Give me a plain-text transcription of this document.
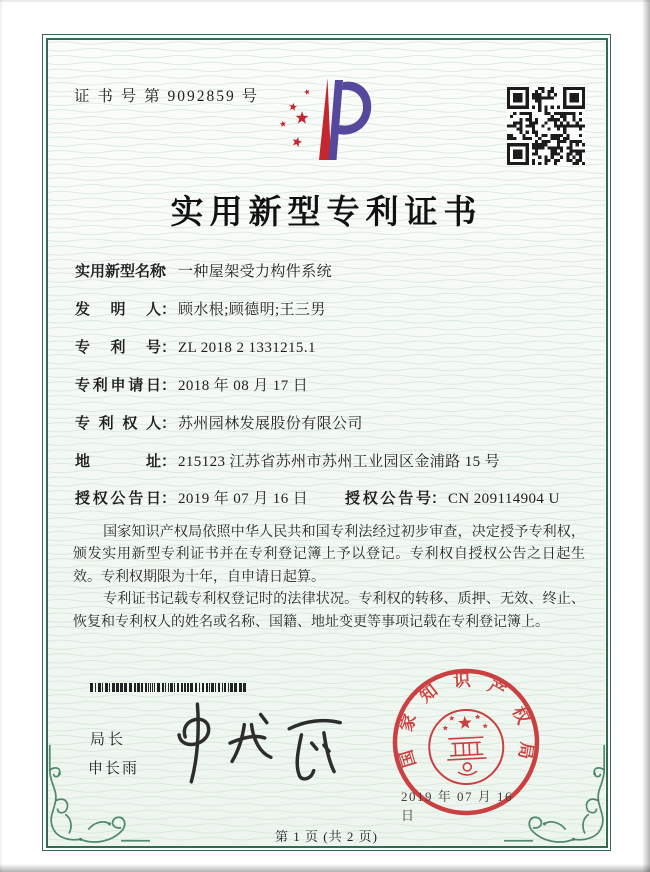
证 书 号 第 9092859 号
实用新型专利证书
实用新型名称： 一种屋架受力构件系统
发明人： 顾水根;顾德明;王三男
专利号： ZL 2018 2 1331215.1
专利申请日： 2018 年 08 月 17 日
专利权人： 苏州园林发展股份有限公司
地址： 215123 江苏省苏州市苏州工业园区金浦路 15 号
授权公告日： 2019 年 07 月 16 日 授权公告号： CN 209114904 U

国家知识产权局依照中华人民共和国专利法经过初步审查，决定授予专利权，颁发实用新型专利证书并在专利登记簿上予以登记。专利权自授权公告之日起生效。专利权期限为十年，自申请日起算。

专利证书记载专利权登记时的法律状况。专利权的转移、质押、无效、终止、恢复和专利权人的姓名或名称、国籍、地址变更等事项记载在专利登记簿上。

局长
申长雨	国家知识产权局
2019 年 07 月 16 日
第 1 页 (共 2 页)
